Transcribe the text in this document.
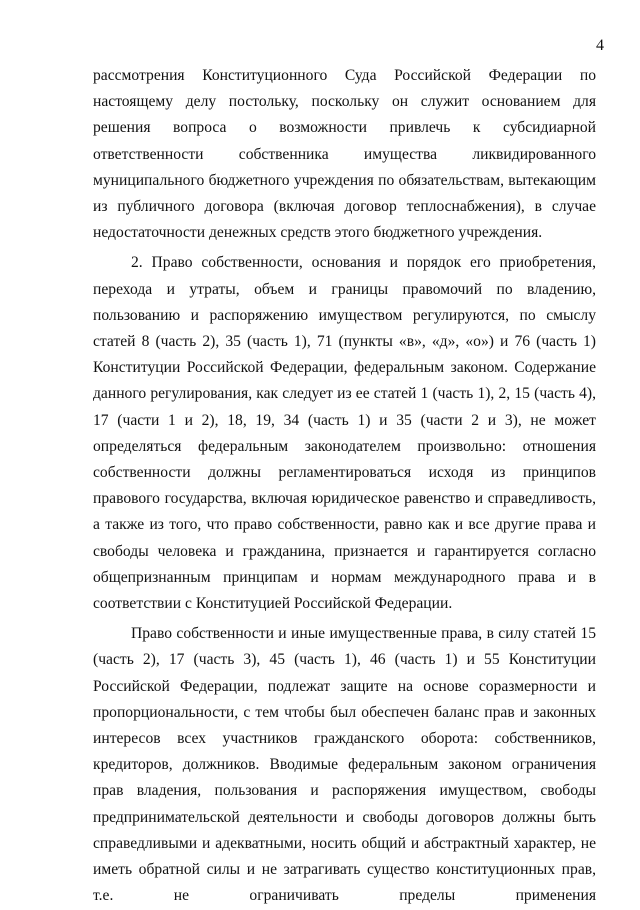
4

рассмотрения Конституционного Суда Российской Федерации по настоящему делу постольку, поскольку он служит основанием для решения вопроса о возможности привлечь к субсидиарной ответственности собственника имущества ликвидированного муниципального бюджетного учреждения по обязательствам, вытекающим из публичного договора (включая договор теплоснабжения), в случае недостаточности денежных средств этого бюджетного учреждения.

2. Право собственности, основания и порядок его приобретения, перехода и утраты, объем и границы правомочий по владению, пользованию и распоряжению имуществом регулируются, по смыслу статей 8 (часть 2), 35 (часть 1), 71 (пункты «в», «д», «о») и 76 (часть 1) Конституции Российской Федерации, федеральным законом. Содержание данного регулирования, как следует из ее статей 1 (часть 1), 2, 15 (часть 4), 17 (части 1 и 2), 18, 19, 34 (часть 1) и 35 (части 2 и 3), не может определяться федеральным законодателем произвольно: отношения собственности должны регламентироваться исходя из принципов правового государства, включая юридическое равенство и справедливость, а также из того, что право собственности, равно как и все другие права и свободы человека и гражданина, признается и гарантируется согласно общепризнанным принципам и нормам международного права и в соответствии с Конституцией Российской Федерации.

Право собственности и иные имущественные права, в силу статей 15 (часть 2), 17 (часть 3), 45 (часть 1), 46 (часть 1) и 55 Конституции Российской Федерации, подлежат защите на основе соразмерности и пропорциональности, с тем чтобы был обеспечен баланс прав и законных интересов всех участников гражданского оборота: собственников, кредиторов, должников. Вводимые федеральным законом ограничения прав владения, пользования и распоряжения имуществом, свободы предпринимательской деятельности и свободы договоров должны быть справедливыми и адекватными, носить общий и абстрактный характер, не иметь обратной силы и не затрагивать существо конституционных прав, т.е. не ограничивать пределы применения
